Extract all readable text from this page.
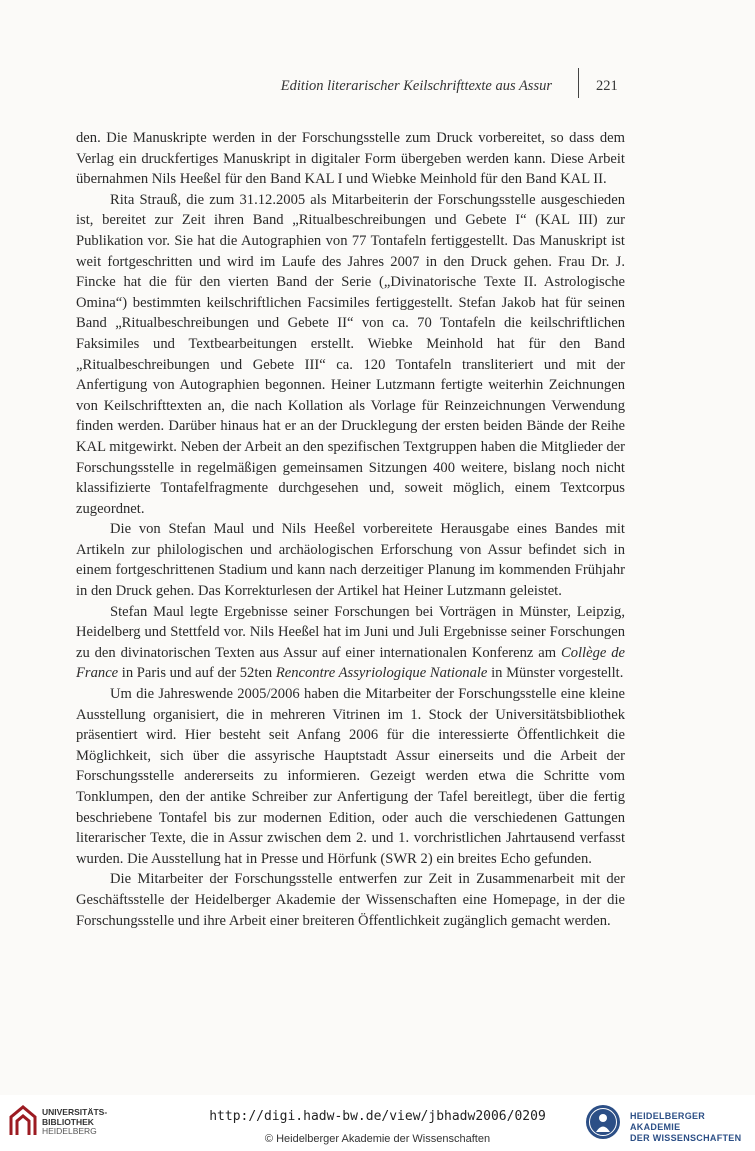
Edition literarischer Keilschrifttexte aus Assur	221

den. Die Manuskripte werden in der Forschungsstelle zum Druck vorbereitet, so dass dem Verlag ein druckfertiges Manuskript in digitaler Form übergeben werden kann. Diese Arbeit übernahmen Nils Heeßel für den Band KAL I und Wiebke Meinhold für den Band KAL II.

Rita Strauß, die zum 31.12.2005 als Mitarbeiterin der Forschungsstelle ausgeschieden ist, bereitet zur Zeit ihren Band „Ritualbeschreibungen und Gebete I“ (KAL III) zur Publikation vor. Sie hat die Autographien von 77 Tontafeln fertiggestellt. Das Manuskript ist weit fortgeschritten und wird im Laufe des Jahres 2007 in den Druck gehen. Frau Dr. J. Fincke hat die für den vierten Band der Serie („Divinatorische Texte II. Astrologische Omina“) bestimmten keilschriftlichen Facsimiles fertiggestellt. Stefan Jakob hat für seinen Band „Ritualbeschreibungen und Gebete II“ von ca. 70 Tontafeln die keilschriftlichen Faksimiles und Textbearbeitungen erstellt. Wiebke Meinhold hat für den Band „Ritualbeschreibungen und Gebete III“ ca. 120 Tontafeln transliteriert und mit der Anfertigung von Autographien begonnen. Heiner Lutzmann fertigte weiterhin Zeichnungen von Keilschrifttexten an, die nach Kollation als Vorlage für Reinzeichnungen Verwendung finden werden. Darüber hinaus hat er an der Drucklegung der ersten beiden Bände der Reihe KAL mitgewirkt. Neben der Arbeit an den spezifischen Textgruppen haben die Mitglieder der Forschungsstelle in regelmäßigen gemeinsamen Sitzungen 400 weitere, bislang noch nicht klassifizierte Tontafelfragmente durchgesehen und, soweit möglich, einem Textcorpus zugeordnet.

Die von Stefan Maul und Nils Heeßel vorbereitete Herausgabe eines Bandes mit Artikeln zur philologischen und archäologischen Erforschung von Assur befindet sich in einem fortgeschrittenen Stadium und kann nach derzeitiger Planung im kommenden Frühjahr in den Druck gehen. Das Korrekturlesen der Artikel hat Heiner Lutzmann geleistet.

Stefan Maul legte Ergebnisse seiner Forschungen bei Vorträgen in Münster, Leipzig, Heidelberg und Stettfeld vor. Nils Heeßel hat im Juni und Juli Ergebnisse seiner Forschungen zu den divinatorischen Texten aus Assur auf einer internationalen Konferenz am Collège de France in Paris und auf der 52ten Rencontre Assyriologique Nationale in Münster vorgestellt.

Um die Jahreswende 2005/2006 haben die Mitarbeiter der Forschungsstelle eine kleine Ausstellung organisiert, die in mehreren Vitrinen im 1. Stock der Universitätsbibliothek präsentiert wird. Hier besteht seit Anfang 2006 für die interessierte Öffentlichkeit die Möglichkeit, sich über die assyrische Hauptstadt Assur einerseits und die Arbeit der Forschungsstelle andererseits zu informieren. Gezeigt werden etwa die Schritte vom Tonklumpen, den der antike Schreiber zur Anfertigung der Tafel bereitlegt, über die fertig beschriebene Tontafel bis zur modernen Edition, oder auch die verschiedenen Gattungen literarischer Texte, die in Assur zwischen dem 2. und 1. vorchristlichen Jahrtausend verfasst wurden. Die Ausstellung hat in Presse und Hörfunk (SWR 2) ein breites Echo gefunden.

Die Mitarbeiter der Forschungsstelle entwerfen zur Zeit in Zusammenarbeit mit der Geschäftsstelle der Heidelberger Akademie der Wissenschaften eine Homepage, in der die Forschungsstelle und ihre Arbeit einer breiteren Öffentlichkeit zugänglich gemacht werden.

UNIVERSITÄTS-
BIBLIOTHEK
HEIDELBERG
http://digi.hadw-bw.de/view/jbhadw2006/0209
© Heidelberger Akademie der Wissenschaften
HEIDELBERGER AKADEMIE
DER WISSENSCHAFTEN
